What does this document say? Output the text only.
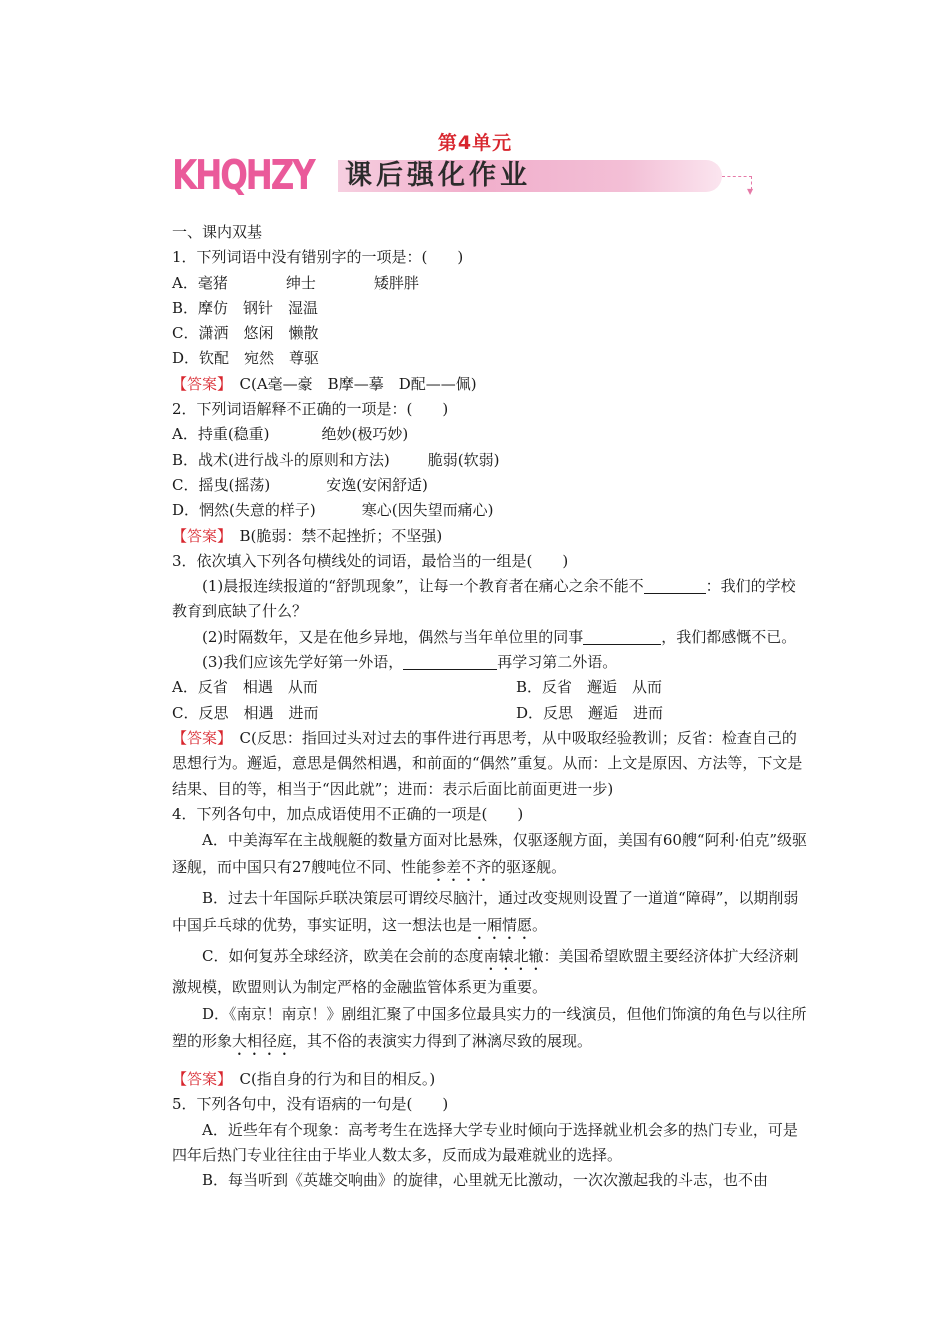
第4单元
KHQHZY 课后强化作业
▼

一、课内双基

1．下列词语中没有错别字的一项是：(　　)

A．毫猪	绅士	矮胖胖

B．摩仿 钢针 湿温

C．潇洒 悠闲 懒散

D．钦配 宛然 尊驱

【答案】　C(A毫—豪　B摩—摹　D配——佩)

2．下列词语解释不正确的一项是：(　　)

A．持重(稳重)	绝妙(极巧妙)

B．战术(进行战斗的原则和方法)	脆弱(软弱)

C．摇曳(摇荡)	安逸(安闲舒适)

D．惘然(失意的样子)	寒心(因失望而痛心)

【答案】　B(脆弱：禁不起挫折；不坚强)

3．依次填入下列各句横线处的词语，最恰当的一组是(　　)

(1)晨报连续报道的“舒凯现象”，让每一个教育者在痛心之余不能不	：我们的学校教育到底缺了什么？

(2)时隔数年，又是在他乡异地，偶然与当年单位里的同事	，我们都感慨不已。

(3)我们应该先学好第一外语，	再学习第二外语。

A．反省　相遇　从而	B．反省　邂逅　从而

C．反思　相遇　进而	D．反思　邂逅　进而

【答案】　C(反思：指回过头对过去的事件进行再思考，从中吸取经验教训；反省：检查自己的思想行为。邂逅，意思是偶然相遇，和前面的“偶然”重复。从而：上文是原因、方法等，下文是结果、目的等，相当于“因此就”；进而：表示后面比前面更进一步)

4．下列各句中，加点成语使用不正确的一项是(　　)

A．中美海军在主战舰艇的数量方面对比悬殊，仅驱逐舰方面，美国有60艘“阿利·伯克”级驱逐舰，而中国只有27艘吨位不同、性能参差不齐的驱逐舰。

B．过去十年国际乒联决策层可谓绞尽脑汁，通过改变规则设置了一道道“障碍”，以期削弱中国乒乓球的优势，事实证明，这一想法也是一厢情愿。

C．如何复苏全球经济，欧美在会前的态度南辕北辙：美国希望欧盟主要经济体扩大经济刺激规模，欧盟则认为制定严格的金融监管体系更为重要。

D．《南京！南京！》剧组汇聚了中国多位最具实力的一线演员，但他们饰演的角色与以往所塑的形象大相径庭，其不俗的表演实力得到了淋漓尽致的展现。

【答案】　C(指自身的行为和目的相反。)

5．下列各句中，没有语病的一句是(　　)

A．近些年有个现象：高考考生在选择大学专业时倾向于选择就业机会多的热门专业，可是四年后热门专业往往由于毕业人数太多，反而成为最难就业的选择。

B．每当听到《英雄交响曲》的旋律，心里就无比激动，一次次激起我的斗志，也不由
